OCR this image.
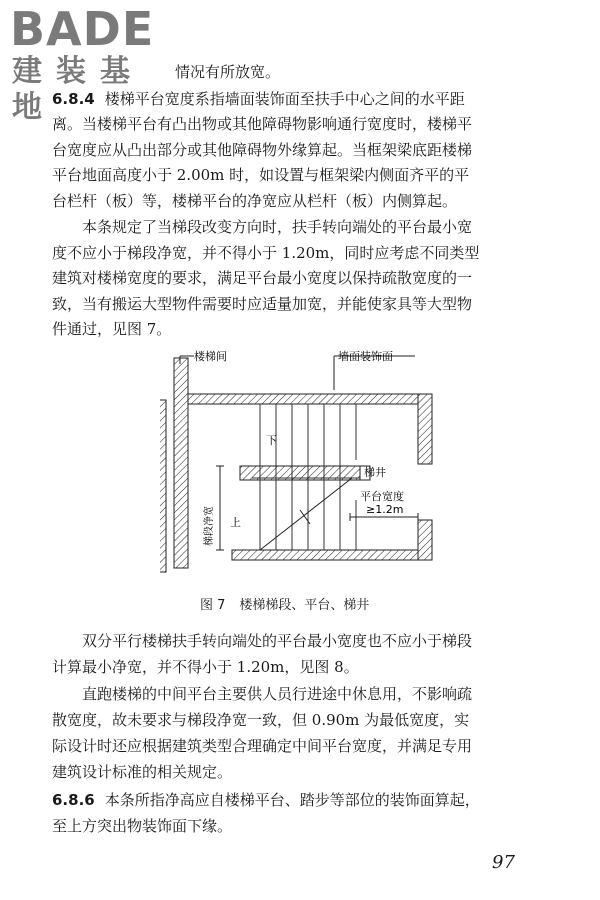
BADE
建装基地
情况有所放宽。
6.8.4 楼梯平台宽度系指墙面装饰面至扶手中心之间的水平距
离。当楼梯平台有凸出物或其他障碍物影响通行宽度时，楼梯平
台宽度应从凸出部分或其他障碍物外缘算起。当框架梁底距楼梯
平台地面高度小于 2.00m 时，如设置与框架梁内侧面齐平的平
台栏杆（板）等，楼梯平台的净宽应从栏杆（板）内侧算起。
本条规定了当梯段改变方向时，扶手转向端处的平台最小宽
度不应小于梯段净宽，并不得小于 1.20m，同时应考虑不同类型
建筑对楼梯宽度的要求，满足平台最小宽度以保持疏散宽度的一
致，当有搬运大型物件需要时应适量加宽，并能使家具等大型物
件通过，见图 7。
楼梯间	墙面装饰面
下
上
梯井
平台宽度
≥1.2m
梯段净宽
图 7 楼梯梯段、平台、梯井
双分平行楼梯扶手转向端处的平台最小宽度也不应小于梯段
计算最小净宽，并不得小于 1.20m，见图 8。
直跑楼梯的中间平台主要供人员行进途中休息用，不影响疏
散宽度，故未要求与梯段净宽一致，但 0.90m 为最低宽度，实
际设计时还应根据建筑类型合理确定中间平台宽度，并满足专用
建筑设计标准的相关规定。
6.8.6 本条所指净高应自楼梯平台、踏步等部位的装饰面算起，
至上方突出物装饰面下缘。
97
